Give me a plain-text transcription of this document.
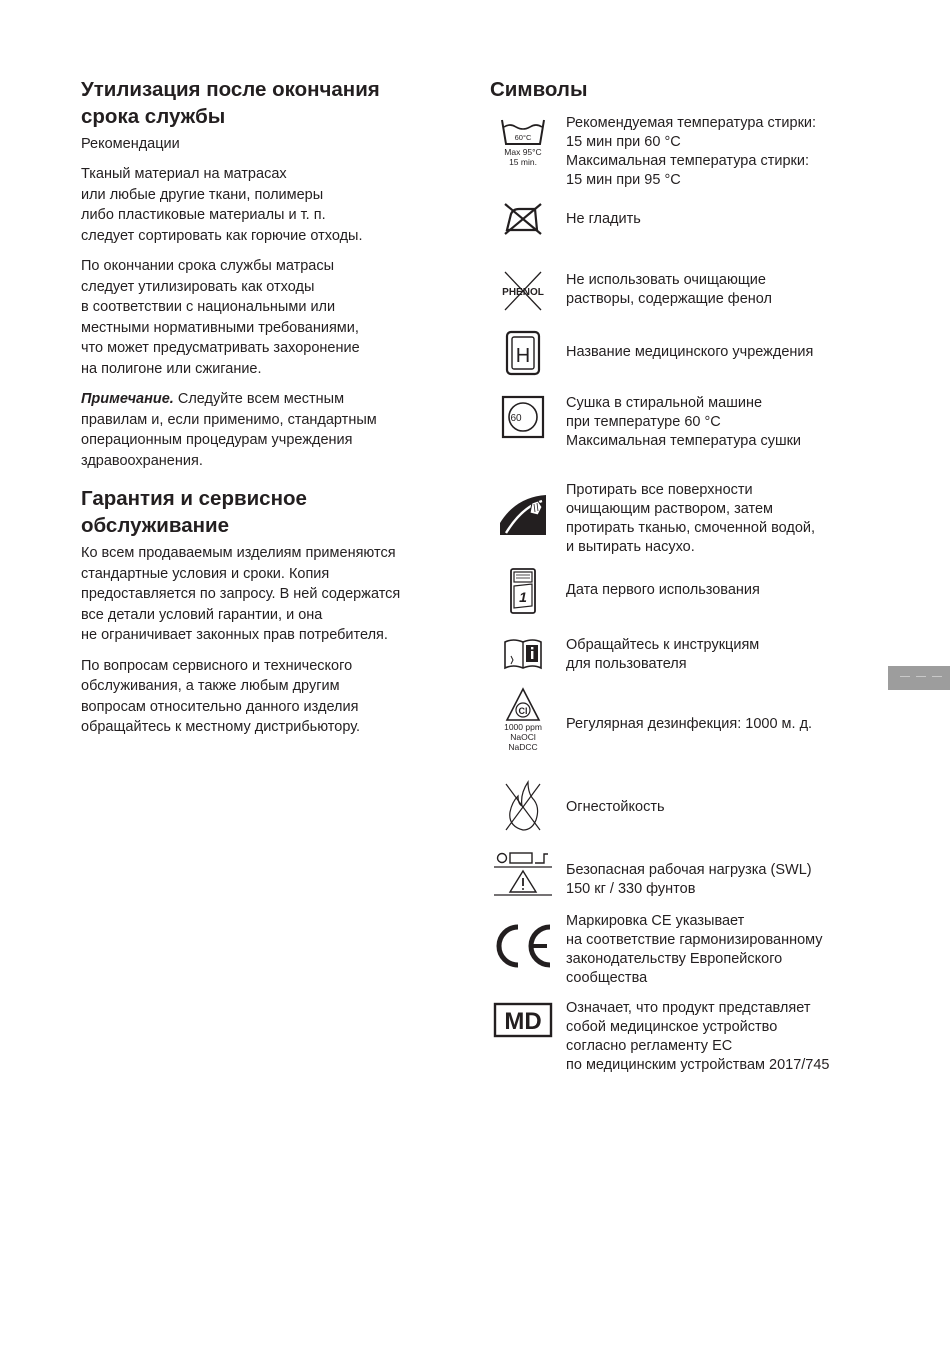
Утилизация после окончания
срока службы
Рекомендации

Тканый материал на матрасах
или любые другие ткани, полимеры
либо пластиковые материалы и т. п.
следует сортировать как горючие отходы.

По окончании срока службы матрасы
следует утилизировать как отходы
в соответствии с национальными или
местными нормативными требованиями,
что может предусматривать захоронение
на полигоне или сжигание.

Примечание. Следуйте всем местным
правилам и, если применимо, стандартным
операционным процедурам учреждения
здравоохранения.

Гарантия и сервисное
обслуживание

Ко всем продаваемым изделиям применяются
стандартные условия и сроки. Копия
предоставляется по запросу. В ней содержатся
все детали условий гарантии, и она
не ограничивает законных прав потребителя.

По вопросам сервисного и технического
обслуживания, а также любым другим
вопросам относительно данного изделия
обращайтесь к местному дистрибьютору.

Символы
60°C
Max 95°C
15 min.
Рекомендуемая температура стирки:
15 мин при 60 °C
Максимальная температура стирки:
15 мин при 95 °C
Не гладить
PHENOL
Не использовать очищающие
растворы, содержащие фенол
H Название медицинского учреждения
60
Сушка в стиральной машине
при температуре 60 °C
Максимальная температура сушки
Протирать все поверхности
очищающим раствором, затем
протирать тканью, смоченной водой,
и вытирать насухо.
1	Дата первого использования
Обращайтесь к инструкциям
для пользователя
Cl
1000 ppm
NaOCl
NaDCC
Регулярная дезинфекция: 1000 м. д.
Огнестойкость
Безопасная рабочая нагрузка (SWL)
150 кг / 330 фунтов
CE	Маркировка CE указывает
на соответствие гармонизированному
законодательству Европейского
сообщества
MD Означает, что продукт представляет
собой медицинское устройство
согласно регламенту ЕС
по медицинским устройствам 2017/745
